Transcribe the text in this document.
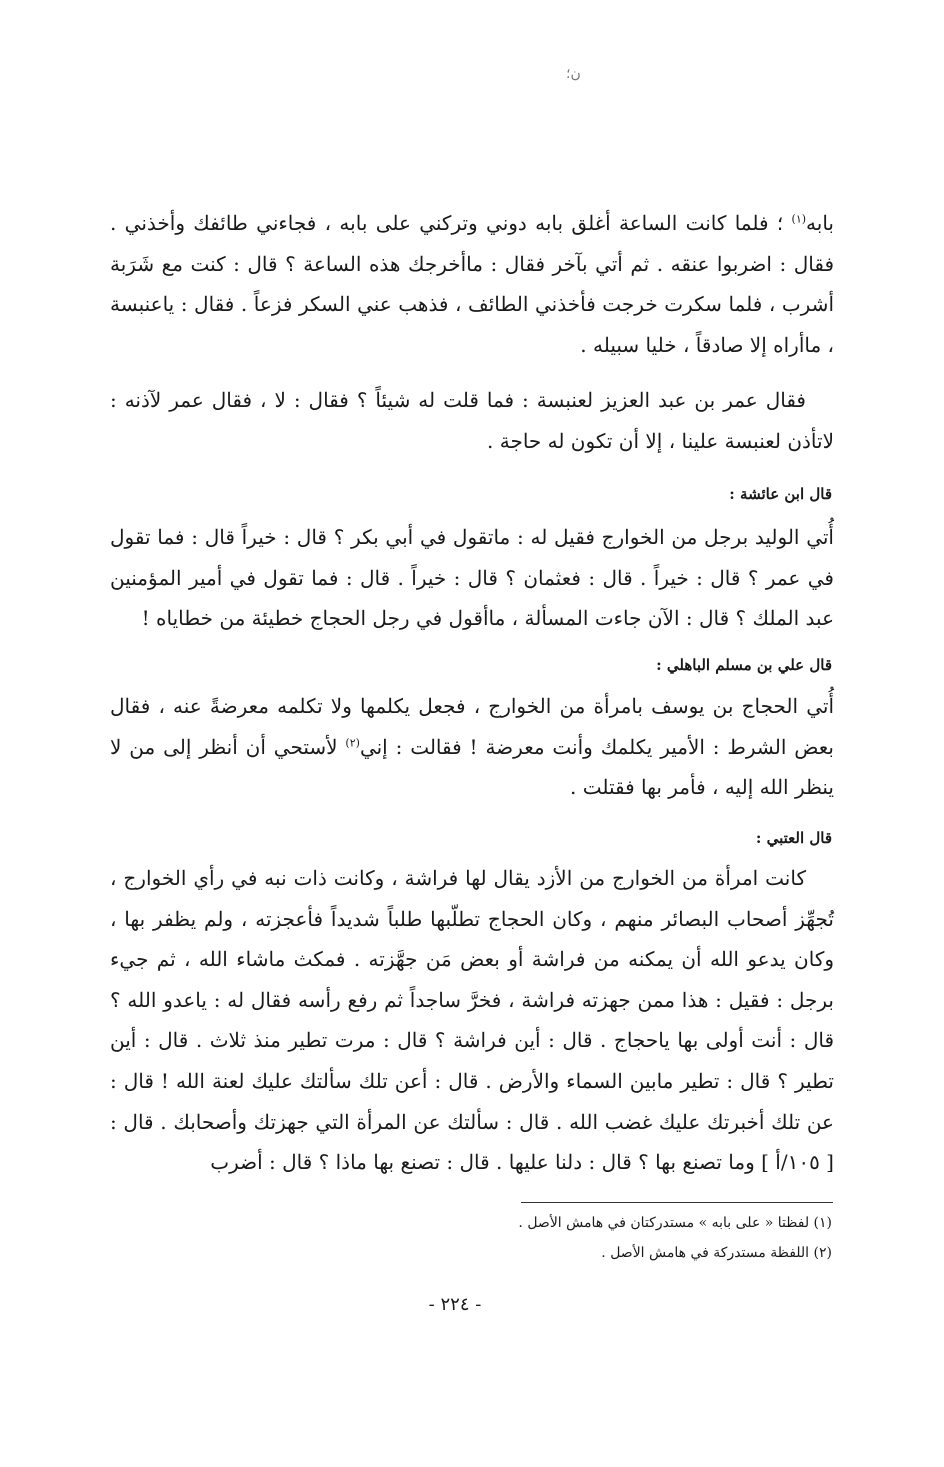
ن؛

بابه$^{(١)}$ ؛ فلما كانت الساعة أغلق بابه دوني وتركني على بابه ، فجاءني طائفك وأخذني . فقال : اضربوا عنقه . ثم أتي بآخر فقال : ماأخرجك هذه الساعة ؟ قال : كنت مع شَرَبة أشرب ، فلما سكرت خرجت فأخذني الطائف ، فذهب عني السكر فزعاً . فقال : ياعنبسة ، ماأراه إلا صادقاً ، خليا سبيله .

فقال عمر بن عبد العزيز لعنبسة : فما قلت له شيئاً ؟ فقال : لا ، فقال عمر لآذنه : لاتأذن لعنبسة علينا ، إلا أن تكون له حاجة .

قال ابن عائشة :

أُتي الوليد برجل من الخوارج فقيل له : ماتقول في أبي بكر ؟ قال : خيراً قال : فما تقول في عمر ؟ قال : خيراً . قال : فعثمان ؟ قال : خيراً . قال : فما تقول في أمير المؤمنين عبد الملك ؟ قال : الآن جاءت المسألة ، ماأقول في رجل الحجاج خطيئة من خطاياه !

قال علي بن مسلم الباهلي :

أُتي الحجاج بن يوسف بامرأة من الخوارج ، فجعل يكلمها ولا تكلمه معرضةً عنه ، فقال بعض الشرط : الأمير يكلمك وأنت معرضة ! فقالت : إني$^{(٢)}$ لأستحي أن أنظر إلى من لا ينظر الله إليه ، فأمر بها فقتلت .

قال العتبي :

كانت امرأة من الخوارج من الأزد يقال لها فراشة ، وكانت ذات نبه في رأي الخوارج ، تُجهِّز أصحاب البصائر منهم ، وكان الحجاج تطلّبها طلباً شديداً فأعجزته ، ولم يظفر بها ، وكان يدعو الله أن يمكنه من فراشة أو بعض مَن جهَّزته . فمكث ماشاء الله ، ثم جيء برجل : فقيل : هذا ممن جهزته فراشة ، فخرَّ ساجداً ثم رفع رأسه فقال له : ياعدو الله ؟ قال : أنت أولى بها ياحجاج . قال : أين فراشة ؟ قال : مرت تطير منذ ثلاث . قال : أين تطير ؟ قال : تطير مابين السماء والأرض . قال : أعن تلك سألتك عليك لعنة الله ! قال : عن تلك أخبرتك عليك غضب الله . قال : سألتك عن المرأة التي جهزتك وأصحابك . قال : [ ١٠٥/أ ] وما تصنع بها ؟ قال : دلنا عليها . قال : تصنع بها ماذا ؟ قال : أضرب

(١) لفظتا « على بابه » مستدركتان في هامش الأصل .
(٢) اللفظة مستدركة في هامش الأصل .
- ٢٢٤ -
